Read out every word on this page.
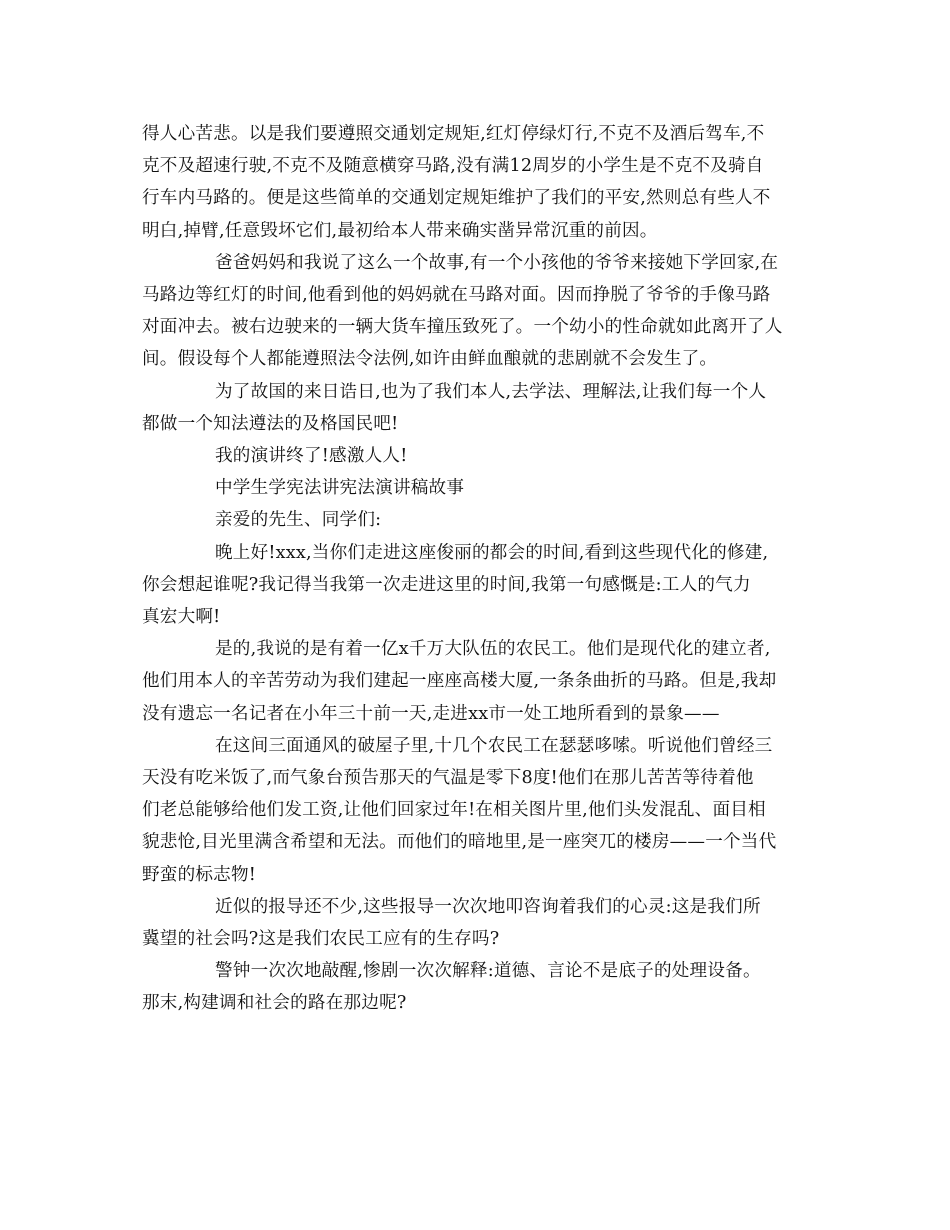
得人心苦悲。以是我们要遵照交通划定规矩,红灯停绿灯行,不克不及酒后驾车,不
克不及超速行驶,不克不及随意横穿马路,没有满12周岁的小学生是不克不及骑自
行车内马路的。便是这些简单的交通划定规矩维护了我们的平安,然则总有些人不
明白,掉臂,任意毁坏它们,最初给本人带来确实凿异常沉重的前因。

爸爸妈妈和我说了这么一个故事,有一个小孩他的爷爷来接她下学回家,在
马路边等红灯的时间,他看到他的妈妈就在马路对面。因而挣脱了爷爷的手像马路
对面冲去。被右边驶来的一辆大货车撞压致死了。一个幼小的性命就如此离开了人
间。假设每个人都能遵照法令法例,如许由鲜血酿就的悲剧就不会发生了。

为了故国的来日诰日,也为了我们本人,去学法、理解法,让我们每一个人
都做一个知法遵法的及格国民吧!

我的演讲终了!感激人人!

中学生学宪法讲宪法演讲稿故事

亲爱的先生、同学们:

晚上好!xxx,当你们走进这座俊丽的都会的时间,看到这些现代化的修建,
你会想起谁呢?我记得当我第一次走进这里的时间,我第一句感慨是:工人的气力
真宏大啊!

是的,我说的是有着一亿x千万大队伍的农民工。他们是现代化的建立者,
他们用本人的辛苦劳动为我们建起一座座高楼大厦,一条条曲折的马路。但是,我却
没有遗忘一名记者在小年三十前一天,走进xx市一处工地所看到的景象——

在这间三面通风的破屋子里,十几个农民工在瑟瑟哆嗦。听说他们曾经三
天没有吃米饭了,而气象台预告那天的气温是零下8度!他们在那儿苦苦等待着他
们老总能够给他们发工资,让他们回家过年!在相关图片里,他们头发混乱、面目相
貌悲怆,目光里满含希望和无法。而他们的暗地里,是一座突兀的楼房——一个当代
野蛮的标志物!

近似的报导还不少,这些报导一次次地叩咨询着我们的心灵:这是我们所
冀望的社会吗?这是我们农民工应有的生存吗?

警钟一次次地敲醒,惨剧一次次解释:道德、言论不是底子的处理设备。
那末,构建调和社会的路在那边呢?
